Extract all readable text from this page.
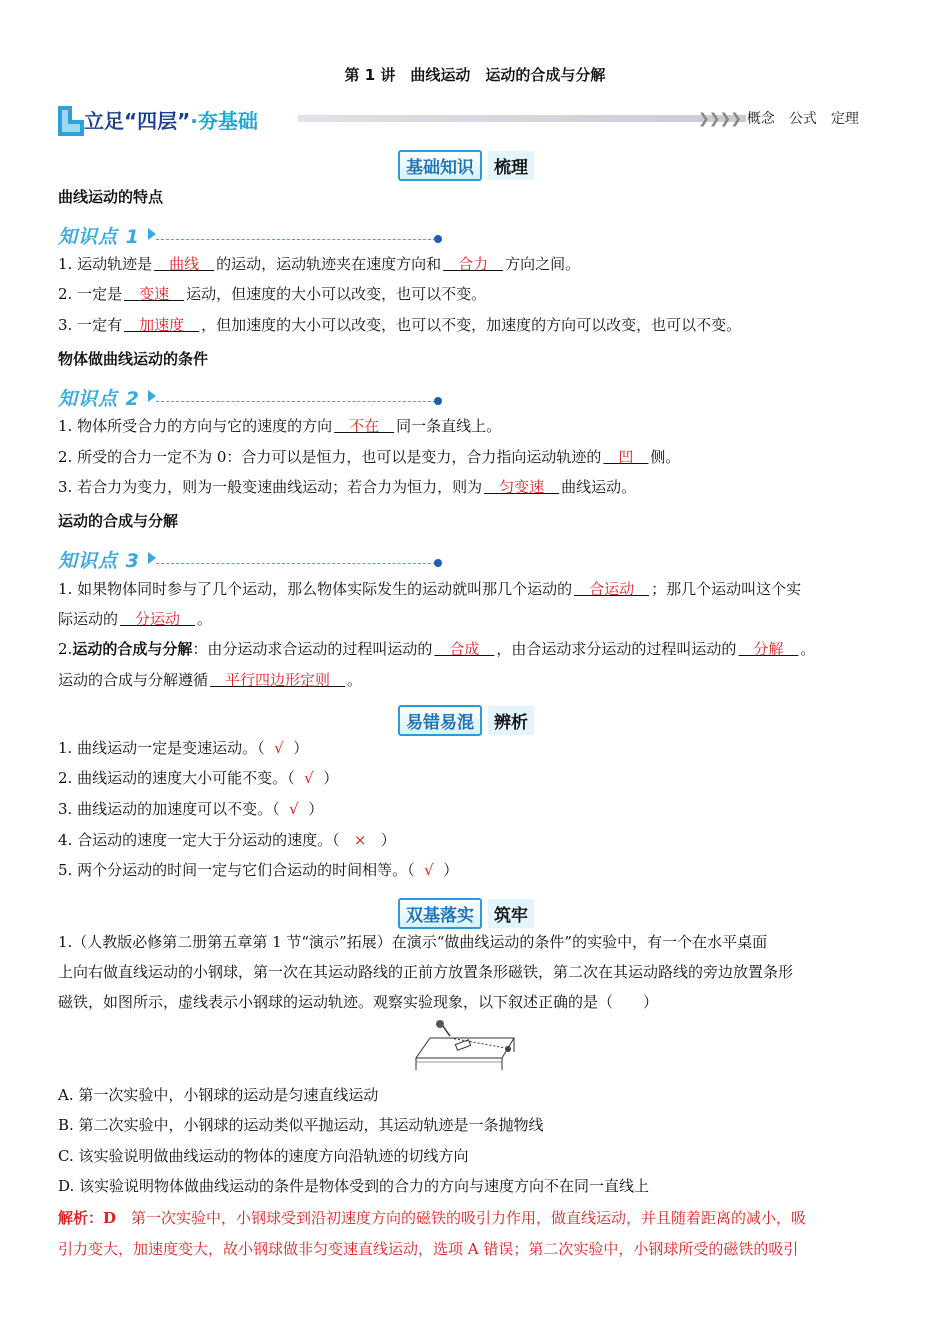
第 1 讲　曲线运动　运动的合成与分解
立足“四层”·夯基础	❯❯❯❯ 概念　公式　定理
基础知识	梳理
曲线运动的特点
知识点 1
1. 运动轨迹是　曲线　的运动，运动轨迹夹在速度方向和　合力　方向之间。
2. 一定是　变速　运动，但速度的大小可以改变，也可以不变。
3. 一定有　加速度　，但加速度的大小可以改变，也可以不变，加速度的方向可以改变，也可以不变。
物体做曲线运动的条件
知识点 2
1. 物体所受合力的方向与它的速度的方向　不在　同一条直线上。
2. 所受的合力一定不为 0：合力可以是恒力，也可以是变力，合力指向运动轨迹的　凹　侧。
3. 若合力为变力，则为一般变速曲线运动；若合力为恒力，则为　匀变速　曲线运动。
运动的合成与分解
知识点 3
1. 如果物体同时参与了几个运动，那么物体实际发生的运动就叫那几个运动的　合运动　；那几个运动叫这个实
际运动的　分运动　。
2.运动的合成与分解：由分运动求合运动的过程叫运动的　合成　，由合运动求分运动的过程叫运动的　分解　。
运动的合成与分解遵循　平行四边形定则　。
易错易混	辨析
1. 曲线运动一定是变速运动。（ √ ）
2. 曲线运动的速度大小可能不变。（ √ ）
3. 曲线运动的加速度可以不变。（ √ ）
4. 合运动的速度一定大于分运动的速度。（ × ）
5. 两个分运动的时间一定与它们合运动的时间相等。（ √ ）
双基落实	筑牢
1.（人教版必修第二册第五章第 1 节“演示”拓展）在演示“做曲线运动的条件”的实验中，有一个在水平桌面
上向右做直线运动的小钢球，第一次在其运动路线的正前方放置条形磁铁，第二次在其运动路线的旁边放置条形
磁铁，如图所示，虚线表示小钢球的运动轨迹。观察实验现象，以下叙述正确的是（　　）
A. 第一次实验中，小钢球的运动是匀速直线运动
B. 第二次实验中，小钢球的运动类似平抛运动，其运动轨迹是一条抛物线
C. 该实验说明做曲线运动的物体的速度方向沿轨迹的切线方向
D. 该实验说明物体做曲线运动的条件是物体受到的合力的方向与速度方向不在同一直线上
解析：D　第一次实验中，小钢球受到沿初速度方向的磁铁的吸引力作用，做直线运动，并且随着距离的减小，吸
引力变大，加速度变大，故小钢球做非匀变速直线运动，选项 A 错误；第二次实验中，小钢球所受的磁铁的吸引
